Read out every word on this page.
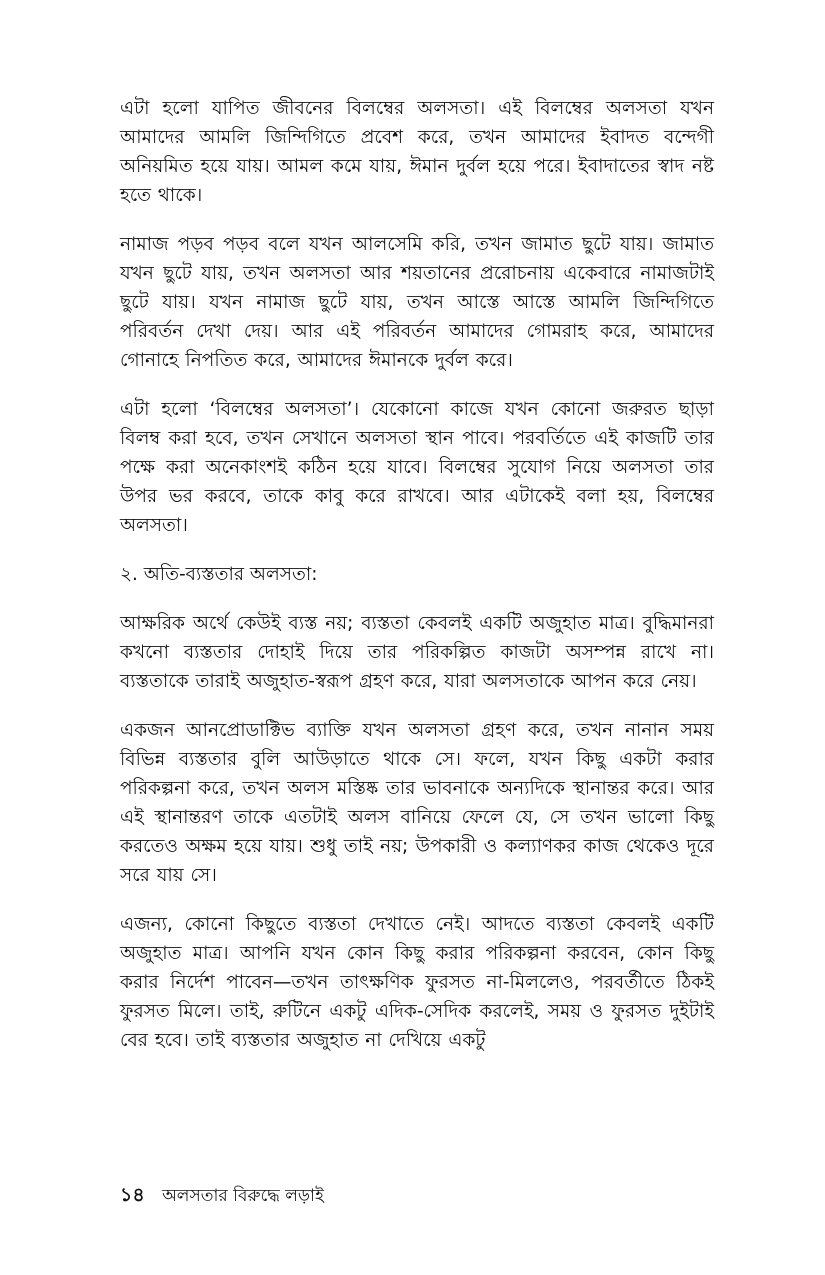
এটা হলো যাপিত জীবনের বিলম্বের অলসতা। এই বিলম্বের অলসতা যখন আমাদের আমলি জিন্দিগিতে প্রবেশ করে, তখন আমাদের ইবাদত বন্দেগী অনিয়মিত হয়ে যায়। আমল কমে যায়, ঈমান দুর্বল হয়ে পরে। ইবাদাতের স্বাদ নষ্ট হতে থাকে।

নামাজ পড়ব পড়ব বলে যখন আলসেমি করি, তখন জামাত ছুটে যায়। জামাত যখন ছুটে যায়, তখন অলসতা আর শয়তানের প্ররোচনায় একেবারে নামাজটাই ছুটে যায়। যখন নামাজ ছুটে যায়, তখন আস্তে আস্তে আমলি জিন্দিগিতে পরিবর্তন দেখা দেয়। আর এই পরিবর্তন আমাদের গোমরাহ করে, আমাদের গোনাহে নিপতিত করে, আমাদের ঈমানকে দুর্বল করে।

এটা হলো ‘বিলম্বের অলসতা’। যেকোনো কাজে যখন কোনো জরুরত ছাড়া বিলম্ব করা হবে, তখন সেখানে অলসতা স্থান পাবে। পরবর্তিতে এই কাজটি তার পক্ষে করা অনেকাংশই কঠিন হয়ে যাবে। বিলম্বের সুযোগ নিয়ে অলসতা তার উপর ভর করবে, তাকে কাবু করে রাখবে। আর এটাকেই বলা হয়, বিলম্বের অলসতা।

২. অতি-ব্যস্ততার অলসতা:

আক্ষরিক অর্থে কেউই ব্যস্ত নয়; ব্যস্ততা কেবলই একটি অজুহাত মাত্র। বুদ্ধিমানরা কখনো ব্যস্ততার দোহাই দিয়ে তার পরিকল্পিত কাজটা অসম্পন্ন রাখে না। ব্যস্ততাকে তারাই অজুহাত-স্বরূপ গ্রহণ করে, যারা অলসতাকে আপন করে নেয়।

একজন আনপ্রোডাক্টিভ ব্যাক্তি যখন অলসতা গ্রহণ করে, তখন নানান সময় বিভিন্ন ব্যস্ততার বুলি আউড়াতে থাকে সে। ফলে, যখন কিছু একটা করার পরিকল্পনা করে, তখন অলস মস্তিষ্ক তার ভাবনাকে অন্যদিকে স্থানান্তর করে। আর এই স্থানান্তরণ তাকে এতটাই অলস বানিয়ে ফেলে যে, সে তখন ভালো কিছু করতেও অক্ষম হয়ে যায়। শুধু তাই নয়; উপকারী ও কল্যাণকর কাজ থেকেও দূরে সরে যায় সে।

এজন্য, কোনো কিছুতে ব্যস্ততা দেখাতে নেই। আদতে ব্যস্ততা কেবলই একটি অজুহাত মাত্র। আপনি যখন কোন কিছু করার পরিকল্পনা করবেন, কোন কিছু করার নির্দেশ পাবেন—তখন তাৎক্ষণিক ফুরসত না-মিললেও, পরবর্তীতে ঠিকই ফুরসত মিলে। তাই, রুটিনে একটু এদিক-সেদিক করলেই, সময় ও ফুরসত দুইটাই বের হবে। তাই ব্যস্ততার অজুহাত না দেখিয়ে একটু

১৪ অলসতার বিরুদ্ধে লড়াই
